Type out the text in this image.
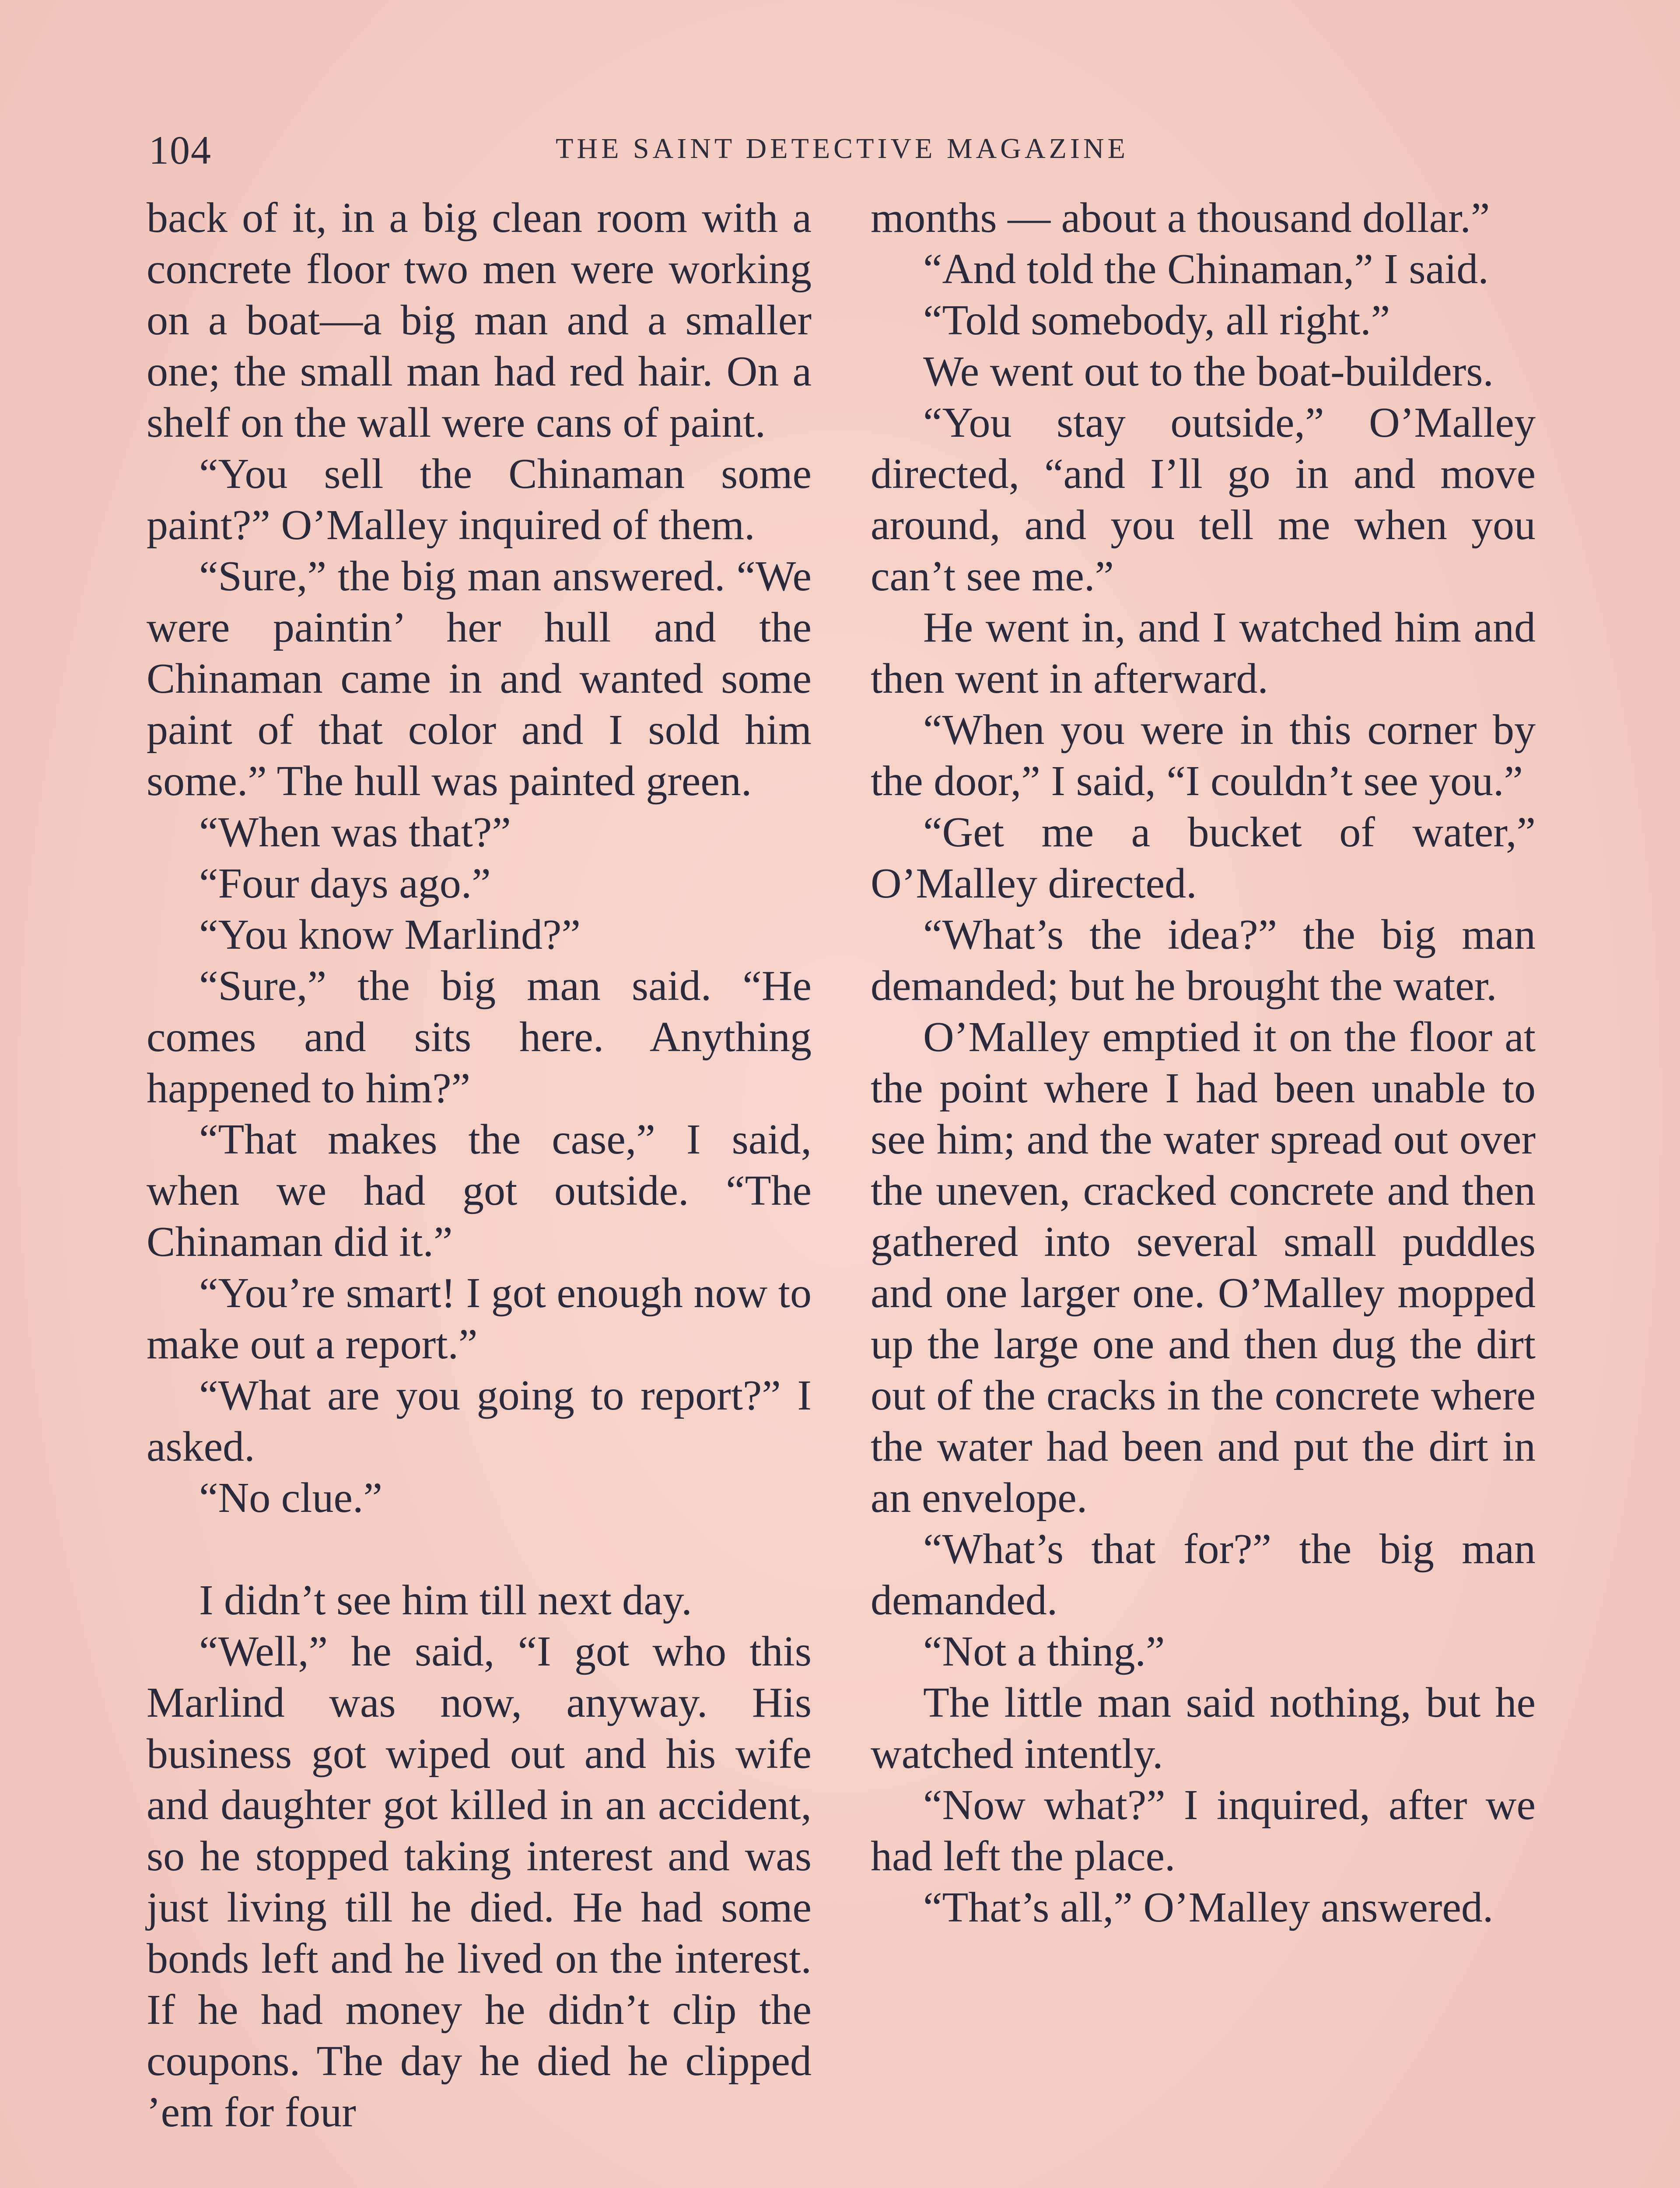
104	THE SAINT DETECTIVE MAGAZINE

back of it, in a big clean room with a concrete floor two men were working on a boat—a big man and a smaller one; the small man had red hair. On a shelf on the wall were cans of paint.

“You sell the Chinaman some paint?” O’Malley inquired of them.

“Sure,” the big man answered. “We were paintin’ her hull and the Chinaman came in and wanted some paint of that color and I sold him some.” The hull was painted green.

“When was that?”

“Four days ago.”

“You know Marlind?”

“Sure,” the big man said. “He comes and sits here. Anything happened to him?”

“That makes the case,” I said, when we had got outside. “The Chinaman did it.”

“You’re smart! I got enough now to make out a report.”

“What are you going to report?” I asked.

“No clue.”

I didn’t see him till next day.

“Well,” he said, “I got who this Marlind was now, anyway. His business got wiped out and his wife and daughter got killed in an accident, so he stopped taking interest and was just living till he died. He had some bonds left and he lived on the interest. If he had money he didn’t clip the coupons. The day he died he clipped ’em for four

months — about a thousand dollar.”

“And told the Chinaman,” I said.

“Told somebody, all right.”

We went out to the boat-builders.

“You stay outside,” O’Malley directed, “and I’ll go in and move around, and you tell me when you can’t see me.”

He went in, and I watched him and then went in afterward.

“When you were in this corner by the door,” I said, “I couldn’t see you.”

“Get me a bucket of water,” O’Malley directed.

“What’s the idea?” the big man demanded; but he brought the water.

O’Malley emptied it on the floor at the point where I had been unable to see him; and the water spread out over the uneven, cracked concrete and then gathered into several small puddles and one larger one. O’Malley mopped up the large one and then dug the dirt out of the cracks in the concrete where the water had been and put the dirt in an envelope.

“What’s that for?” the big man demanded.

“Not a thing.”

The little man said nothing, but he watched intently.

“Now what?” I inquired, after we had left the place.

“That’s all,” O’Malley answered.
